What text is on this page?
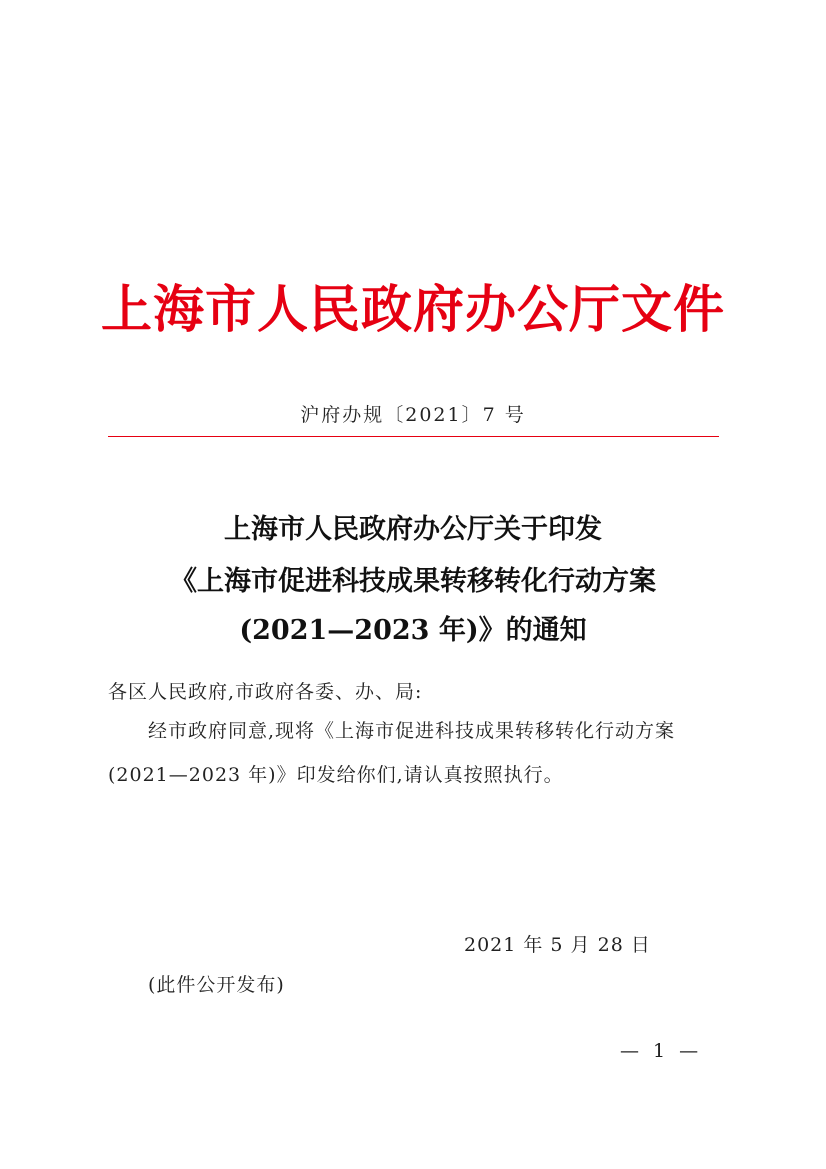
上海市人民政府办公厅文件
沪府办规〔2021〕7 号
上海市人民政府办公厅关于印发
《上海市促进科技成果转移转化行动方案
(2021—2023 年)》的通知
各区人民政府,市政府各委、办、局:
经市政府同意,现将《上海市促进科技成果转移转化行动方案
(2021—2023 年)》印发给你们,请认真按照执行。
2021 年 5 月 28 日
(此件公开发布)
— 1 —
